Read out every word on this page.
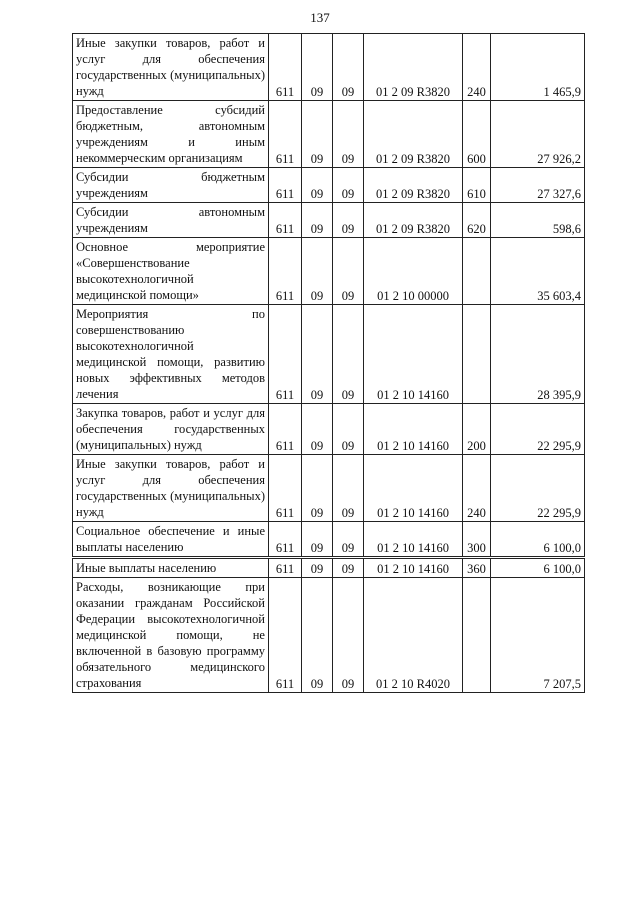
137
Иные закупки товаров, работ и услуг для обеспечения государственных (муниципальных) нужд	611	09	09	01 2 09 R3820	240	1 465,9
Предоставление субсидий бюджетным, автономным учреждениям и иным некоммерческим организациям	611	09	09	01 2 09 R3820	600	27 926,2
Субсидии бюджетным учреждениям	611	09	09	01 2 09 R3820	610	27 327,6
Субсидии автономным учреждениям	611	09	09	01 2 09 R3820	620	598,6
Основное мероприятие «Совершенствование высокотехнологичной медицинской помощи»	611	09	09	01 2 10 00000		35 603,4
Мероприятия по совершенствованию высокотехнологичной медицинской помощи, развитию новых эффективных методов лечения	611	09	09	01 2 10 14160		28 395,9
Закупка товаров, работ и услуг для обеспечения государственных (муниципальных) нужд	611	09	09	01 2 10 14160	200	22 295,9
Иные закупки товаров, работ и услуг для обеспечения государственных (муниципальных) нужд	611	09	09	01 2 10 14160	240	22 295,9
Социальное обеспечение и иные выплаты населению	611	09	09	01 2 10 14160	300	6 100,0
Иные выплаты населению	611	09	09	01 2 10 14160	360	6 100,0
Расходы, возникающие при оказании гражданам Российской Федерации высокотехнологичной медицинской помощи, не включенной в базовую программу обязательного медицинского страхования	611	09	09	01 2 10 R4020		7 207,5
